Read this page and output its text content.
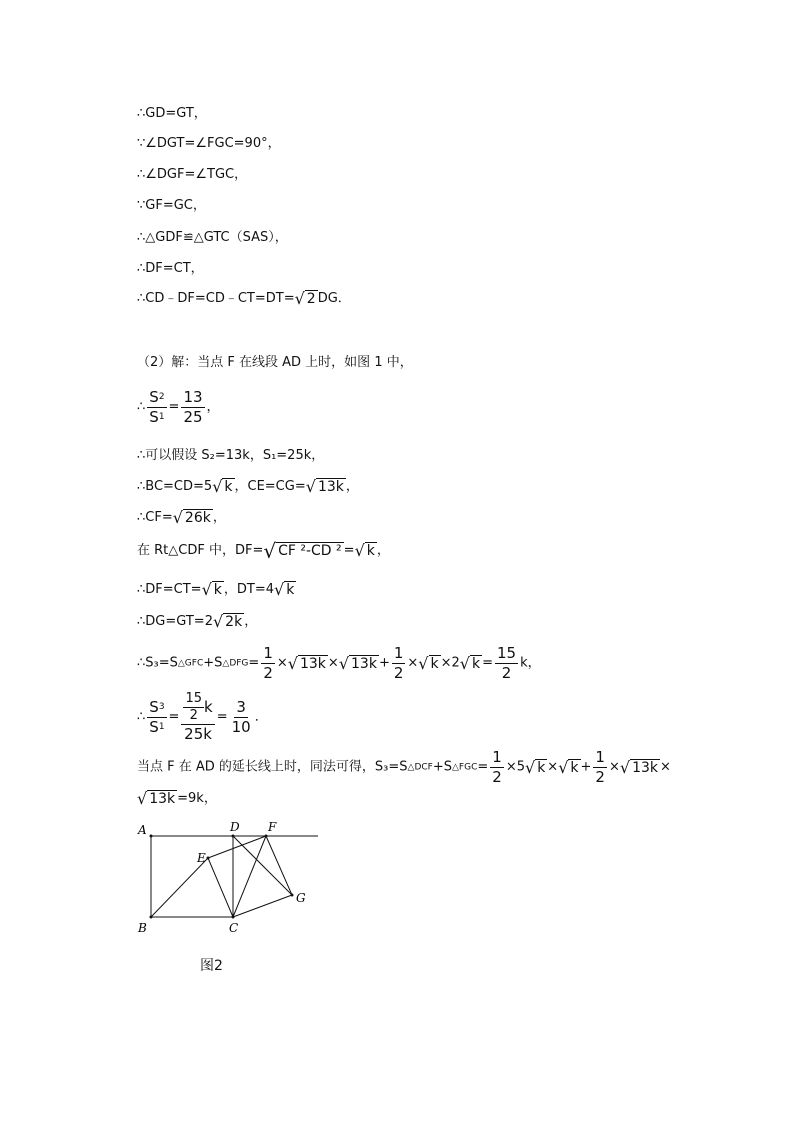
∴GD=GT，
∵∠DGT=∠FGC=90°，
∴∠DGF=∠TGC，
∵GF=GC，
∴△GDF≌△GTC（SAS），
∴DF=CT，
∴CD﹣DF=CD﹣CT=DT= √ 2 DG．
（2）解：当点 F 在线段 AD 上时，如图 1 中，
∴ $\frac{S2}{S1} = \frac{13}{25}$ ，
∴可以假设 S₂=13k，S₁=25k，
∴BC=CD=5 √ k ，CE=CG= √ 13k ，
∴CF= √ 26k ，
在 Rt△CDF 中，DF= √ CF ²-CD ² = √ k ，
∴DF=CT= √ k ，DT=4 √ k
∴DG=GT=2 √ 2k ，
∴S₃=S△GFC+S△DFG= $\frac{1}{2}$ × √ 13k × √ $13k + \frac{1}{2}$ × √ k ×2 √ $k = \frac{15}{2}$ k，
∴ $\frac{S3}{S1} = \frac{\frac{15}{2} k}{25k} = \frac{3}{10}$ ．
当点 F 在 AD 的延长线上时，同法可得，S₃=S△DCF+S△FGC= $\frac{1}{2} \times 5$ √ k × √ $k + \frac{1}{2}$ × √ 13k ×
√ 13k =9k，
A
B	C
D
E
F
G
图2
